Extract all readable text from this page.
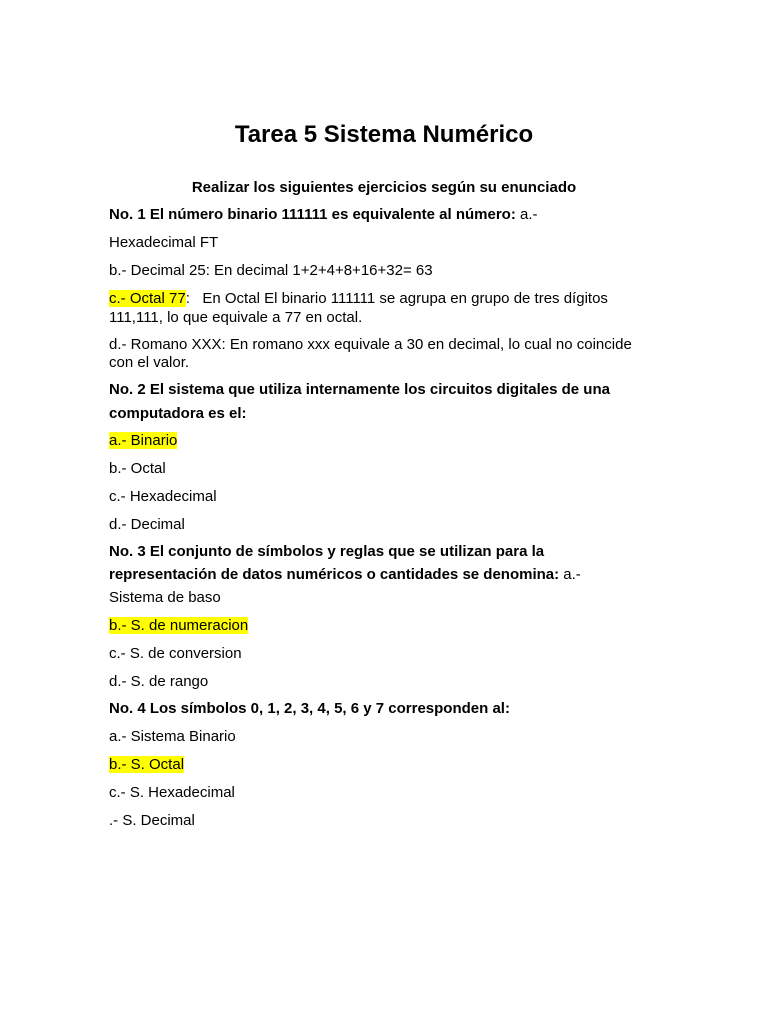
Tarea 5 Sistema Numérico
Realizar los siguientes ejercicios según su enunciado
No. 1 El número binario 111111 es equivalente al número: a.-
Hexadecimal FT
b.- Decimal 25: En decimal 1+2+4+8+16+32= 63
c.- Octal 77:   En Octal El binario 111111 se agrupa en grupo de tres dígitos
111,111, lo que equivale a 77 en octal.
d.- Romano XXX: En romano xxx equivale a 30 en decimal, lo cual no coincide
con el valor.
No. 2 El sistema que utiliza internamente los circuitos digitales de una
computadora es el:
a.- Binario
b.- Octal
c.- Hexadecimal
d.- Decimal
No. 3 El conjunto de símbolos y reglas que se utilizan para la
representación de datos numéricos o cantidades se denomina: a.-
Sistema de baso
b.- S. de numeracion
c.- S. de conversion
d.- S. de rango
No. 4 Los símbolos 0, 1, 2, 3, 4, 5, 6 y 7 corresponden al:
a.- Sistema Binario
b.- S. Octal
c.- S. Hexadecimal
.- S. Decimal
